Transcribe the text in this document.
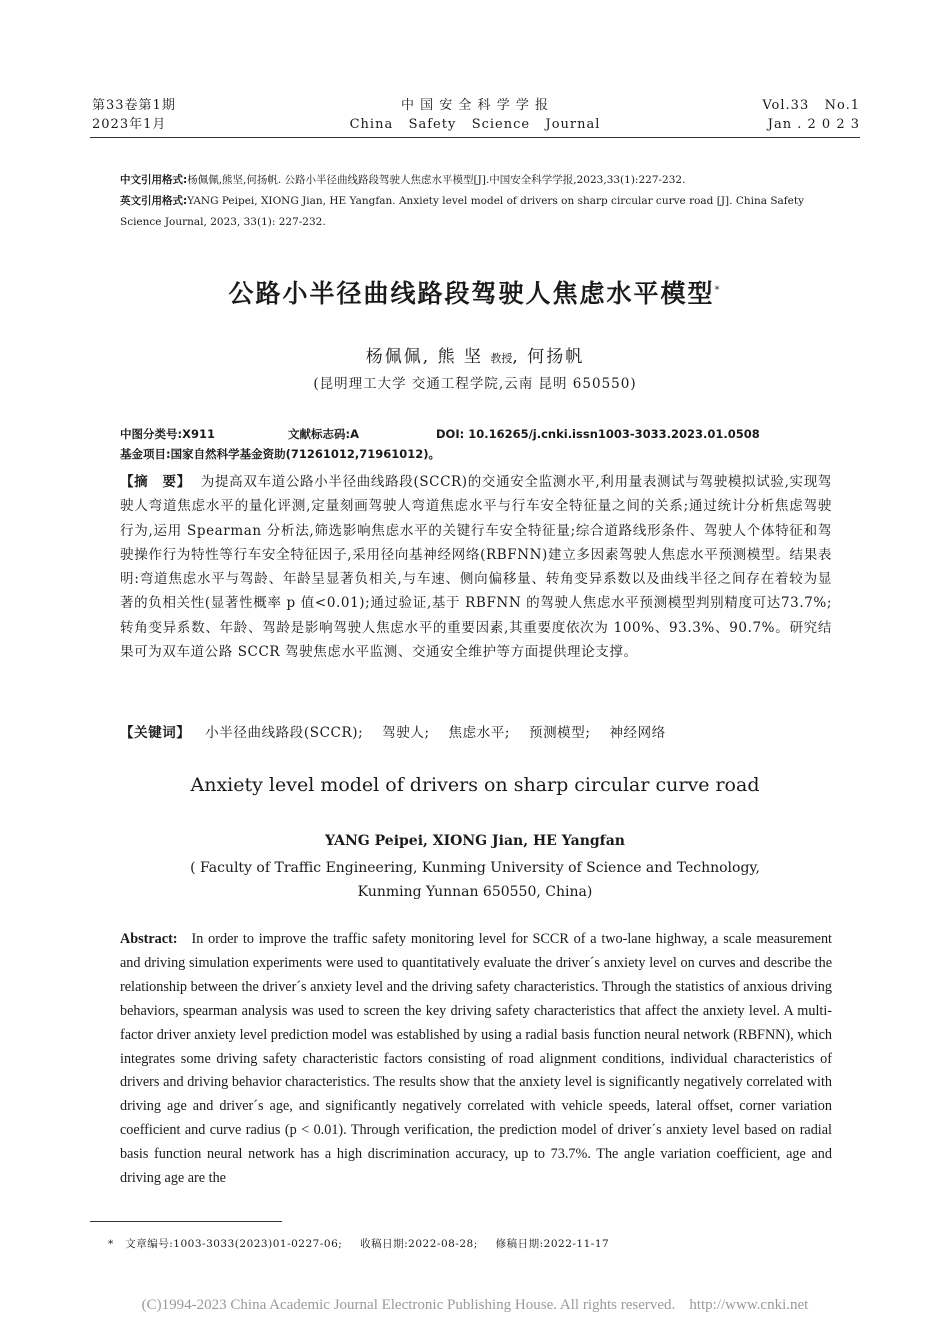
第33卷第1期
2023年1月
中 国 安 全 科 学 学 报
China   Safety   Science   Journal
Vol.33   No.1
Jan . 2 0 2 3
中文引用格式:杨佩佩,熊坚,何扬帆. 公路小半径曲线路段驾驶人焦虑水平模型[J].中国安全科学学报,2023,33(1):227-232.
英文引用格式:YANG Peipei, XIONG Jian, HE Yangfan. Anxiety level model of drivers on sharp circular curve road [J]. China Safety Science Journal, 2023, 33(1): 227-232.
公路小半径曲线路段驾驶人焦虑水平模型*
杨佩佩, 熊 坚 教授, 何扬帆
(昆明理工大学 交通工程学院,云南 昆明 650550)
中图分类号:X911	文献标志码:A	DOI: 10.16265/j.cnki.issn1003-3033.2023.01.0508
基金项目:国家自然科学基金资助(71261012,71961012)。
【摘　要】 为提高双车道公路小半径曲线路段(SCCR)的交通安全监测水平,利用量表测试与驾驶模拟试验,实现驾驶人弯道焦虑水平的量化评测,定量刻画驾驶人弯道焦虑水平与行车安全特征量之间的关系;通过统计分析焦虑驾驶行为,运用 Spearman 分析法,筛选影响焦虑水平的关键行车安全特征量;综合道路线形条件、驾驶人个体特征和驾驶操作行为特性等行车安全特征因子,采用径向基神经网络(RBFNN)建立多因素驾驶人焦虑水平预测模型。结果表明:弯道焦虑水平与驾龄、年龄呈显著负相关,与车速、侧向偏移量、转角变异系数以及曲线半径之间存在着较为显著的负相关性(显著性概率 p 值<0.01);通过验证,基于 RBFNN 的驾驶人焦虑水平预测模型判别精度可达73.7%;转角变异系数、年龄、驾龄是影响驾驶人焦虑水平的重要因素,其重要度依次为 100%、93.3%、90.7%。研究结果可为双车道公路 SCCR 驾驶焦虑水平监测、交通安全维护等方面提供理论支撑。
【关键词】 小半径曲线路段(SCCR); 驾驶人; 焦虑水平; 预测模型; 神经网络
Anxiety level model of drivers on sharp circular curve road
YANG Peipei, XIONG Jian, HE Yangfan
( Faculty of Traffic Engineering, Kunming University of Science and Technology,
Kunming Yunnan 650550, China)
Abstract: In order to improve the traffic safety monitoring level for SCCR of a two-lane highway, a scale measurement and driving simulation experiments were used to quantitatively evaluate the driver´s anxiety level on curves and describe the relationship between the driver´s anxiety level and the driving safety characteristics. Through the statistics of anxious driving behaviors, spearman analysis was used to screen the key driving safety characteristics that affect the anxiety level. A multi-factor driver anxiety level prediction model was established by using a radial basis function neural network (RBFNN), which integrates some driving safety characteristic factors consisting of road alignment conditions, individual characteristics of drivers and driving behavior characteristics. The results show that the anxiety level is significantly negatively correlated with driving age and driver´s age, and significantly negatively correlated with vehicle speeds, lateral offset, corner variation coefficient and curve radius (p < 0.01). Through verification, the prediction model of driver´s anxiety level based on radial basis function neural network has a high discrimination accuracy, up to 73.7%. The angle variation coefficient, age and driving age are the
* 文章编号:1003-3033(2023)01-0227-06; 收稿日期:2022-08-28; 修稿日期:2022-11-17
(C)1994-2023 China Academic Journal Electronic Publishing House. All rights reserved. http://www.cnki.net
